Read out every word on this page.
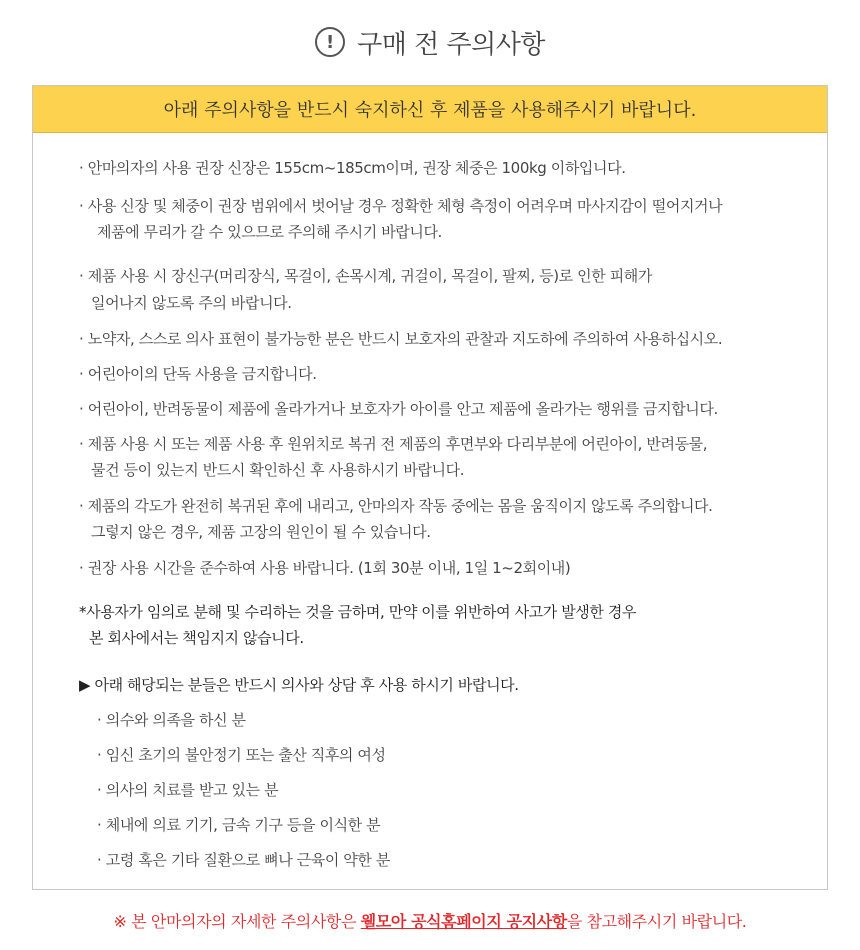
! 구매 전 주의사항
아래 주의사항을 반드시 숙지하신 후 제품을 사용해주시기 바랍니다.
· 안마의자의 사용 권장 신장은 155cm~185cm이며, 권장 체중은 100kg 이하입니다.
· 사용 신장 및 체중이 권장 범위에서 벗어날 경우 정확한 체형 측정이 어려우며 마사지감이 떨어지거나
제품에 무리가 갈 수 있으므로 주의해 주시기 바랍니다.
· 제품 사용 시 장신구(머리장식, 목걸이, 손목시계, 귀걸이, 목걸이, 팔찌, 등)로 인한 피해가
일어나지 않도록 주의 바랍니다.
· 노약자, 스스로 의사 표현이 불가능한 분은 반드시 보호자의 관찰과 지도하에 주의하여 사용하십시오.
· 어린아이의 단독 사용을 금지합니다.
· 어린아이, 반려동물이 제품에 올라가거나 보호자가 아이를 안고 제품에 올라가는 행위를 금지합니다.
· 제품 사용 시 또는 제품 사용 후 원위치로 복귀 전 제품의 후면부와 다리부분에 어린아이, 반려동물,
물건 등이 있는지 반드시 확인하신 후 사용하시기 바랍니다.
· 제품의 각도가 완전히 복귀된 후에 내리고, 안마의자 작동 중에는 몸을 움직이지 않도록 주의합니다.
그렇지 않은 경우, 제품 고장의 원인이 될 수 있습니다.
· 권장 사용 시간을 준수하여 사용 바랍니다. (1회 30분 이내, 1일 1~2회이내)
*사용자가 임의로 분해 및 수리하는 것을 금하며, 만약 이를 위반하여 사고가 발생한 경우
본 회사에서는 책임지지 않습니다.
▶ 아래 해당되는 분들은 반드시 의사와 상담 후 사용 하시기 바랍니다.
· 의수와 의족을 하신 분
· 임신 초기의 불안정기 또는 출산 직후의 여성
· 의사의 치료를 받고 있는 분
· 체내에 의료 기기, 금속 기구 등을 이식한 분
· 고령 혹은 기타 질환으로 뼈나 근육이 약한 분
※ 본 안마의자의 자세한 주의사항은 웰모아 공식홈페이지 공지사항을 참고해주시기 바랍니다.
